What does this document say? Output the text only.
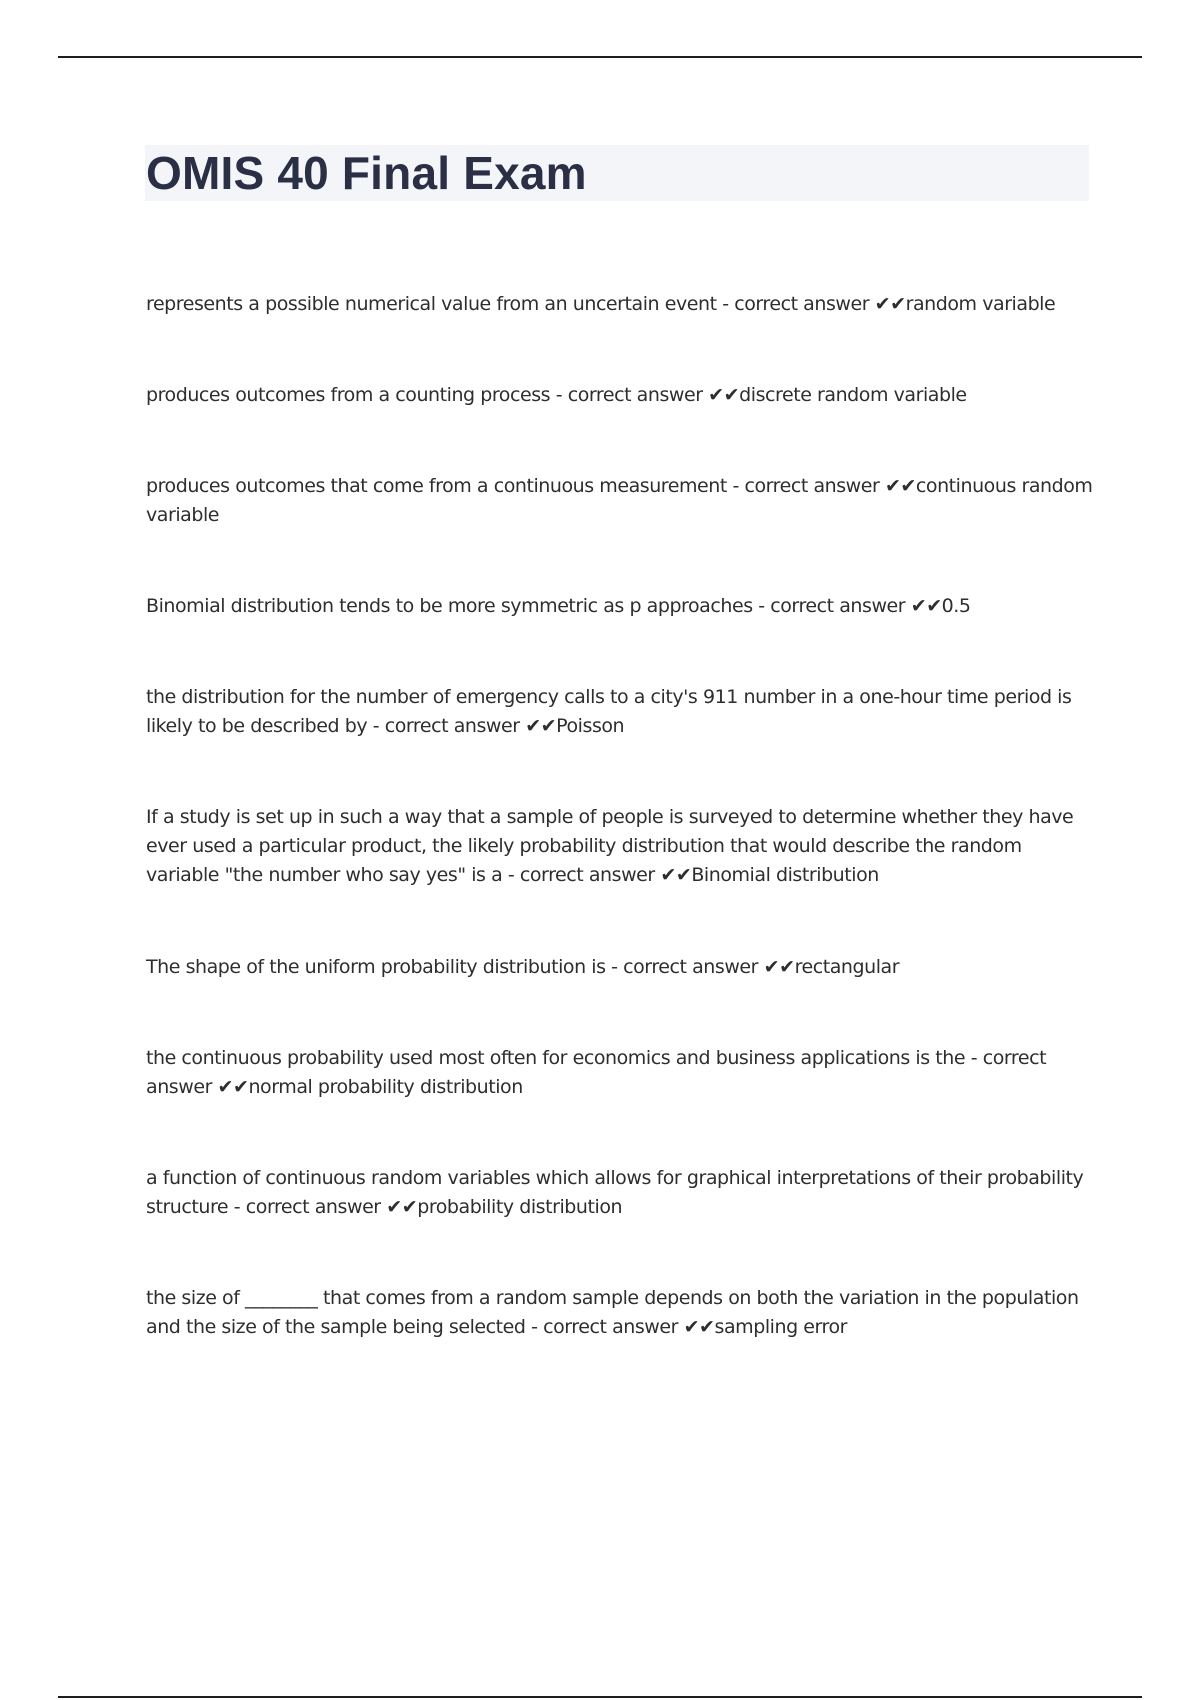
OMIS 40 Final Exam

represents a possible numerical value from an uncertain event - correct answer ✔✔random variable

produces outcomes from a counting process - correct answer ✔✔discrete random variable

produces outcomes that come from a continuous measurement - correct answer ✔✔continuous random variable

Binomial distribution tends to be more symmetric as p approaches - correct answer ✔✔0.5

the distribution for the number of emergency calls to a city's 911 number in a one-hour time period is likely to be described by - correct answer ✔✔Poisson

If a study is set up in such a way that a sample of people is surveyed to determine whether they have ever used a particular product, the likely probability distribution that would describe the random variable "the number who say yes" is a - correct answer ✔✔Binomial distribution

The shape of the uniform probability distribution is - correct answer ✔✔rectangular

the continuous probability used most often for economics and business applications is the - correct answer ✔✔normal probability distribution

a function of continuous random variables which allows for graphical interpretations of their probability structure - correct answer ✔✔probability distribution

the size of ________ that comes from a random sample depends on both the variation in the population and the size of the sample being selected - correct answer ✔✔sampling error
